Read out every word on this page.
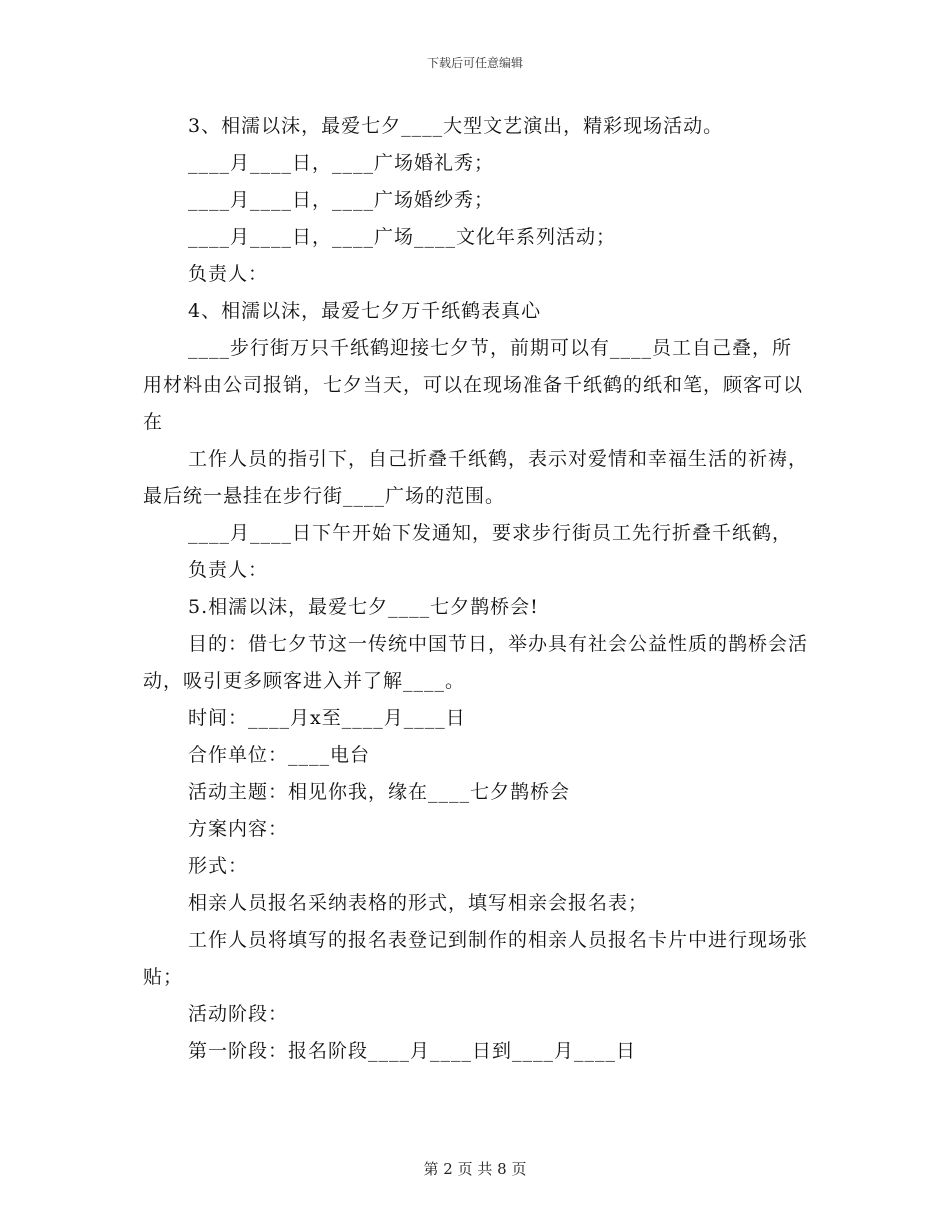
下载后可任意编辑

3、相濡以沫，最爱七夕____大型文艺演出，精彩现场活动。

____月____日，____广场婚礼秀；

____月____日，____广场婚纱秀；

____月____日，____广场____文化年系列活动；

负责人：

4、相濡以沫，最爱七夕万千纸鹤表真心

____步行街万只千纸鹤迎接七夕节，前期可以有____员工自己叠，所用材料由公司报销，七夕当天，可以在现场准备千纸鹤的纸和笔，顾客可以在

工作人员的指引下，自己折叠千纸鹤，表示对爱情和幸福生活的祈祷，最后统一悬挂在步行街____广场的范围。

____月____日下午开始下发通知，要求步行街员工先行折叠千纸鹤，

负责人：

5.相濡以沫，最爱七夕____七夕鹊桥会!

目的：借七夕节这一传统中国节日，举办具有社会公益性质的鹊桥会活动，吸引更多顾客进入并了解____。

时间：____月x至____月____日

合作单位：____电台

活动主题：相见你我，缘在____七夕鹊桥会

方案内容：

形式：

相亲人员报名采纳表格的形式，填写相亲会报名表；

工作人员将填写的报名表登记到制作的相亲人员报名卡片中进行现场张贴；

活动阶段：

第一阶段：报名阶段____月____日到____月____日

第 2 页 共 8 页
